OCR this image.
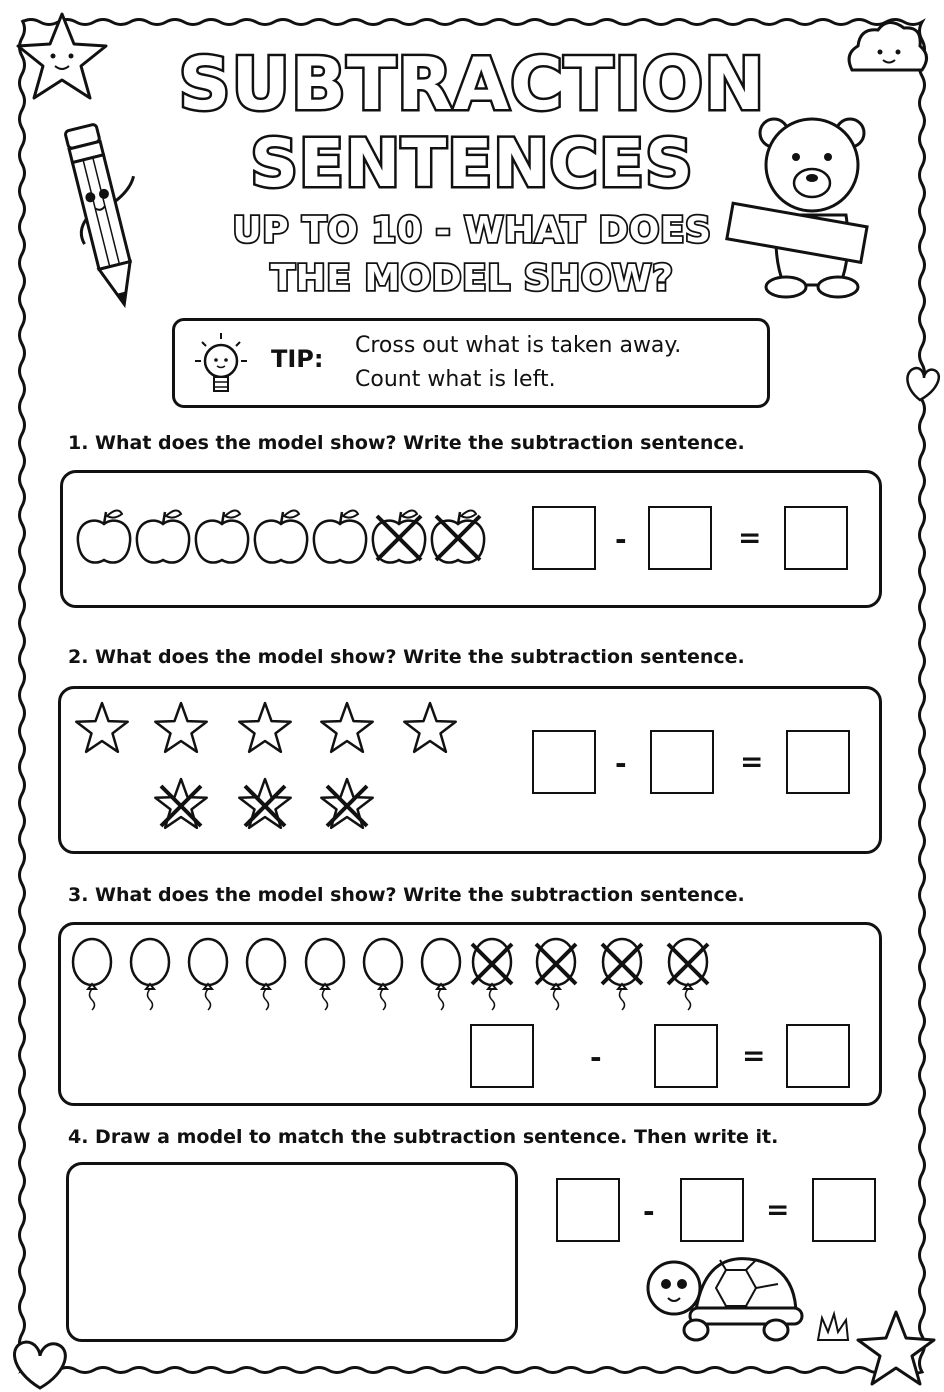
SUBTRACTION
SENTENCES
UP TO 10 - WHAT DOES
THE MODEL SHOW?
TIP: Cross out what is taken away.
Count what is left.
1. What does the model show? Write the subtraction sentence.
-	=
2. What does the model show? Write the subtraction sentence.
-	=
3. What does the model show? Write the subtraction sentence.
-	=
4. Draw a model to match the subtraction sentence. Then write it.
-	=
